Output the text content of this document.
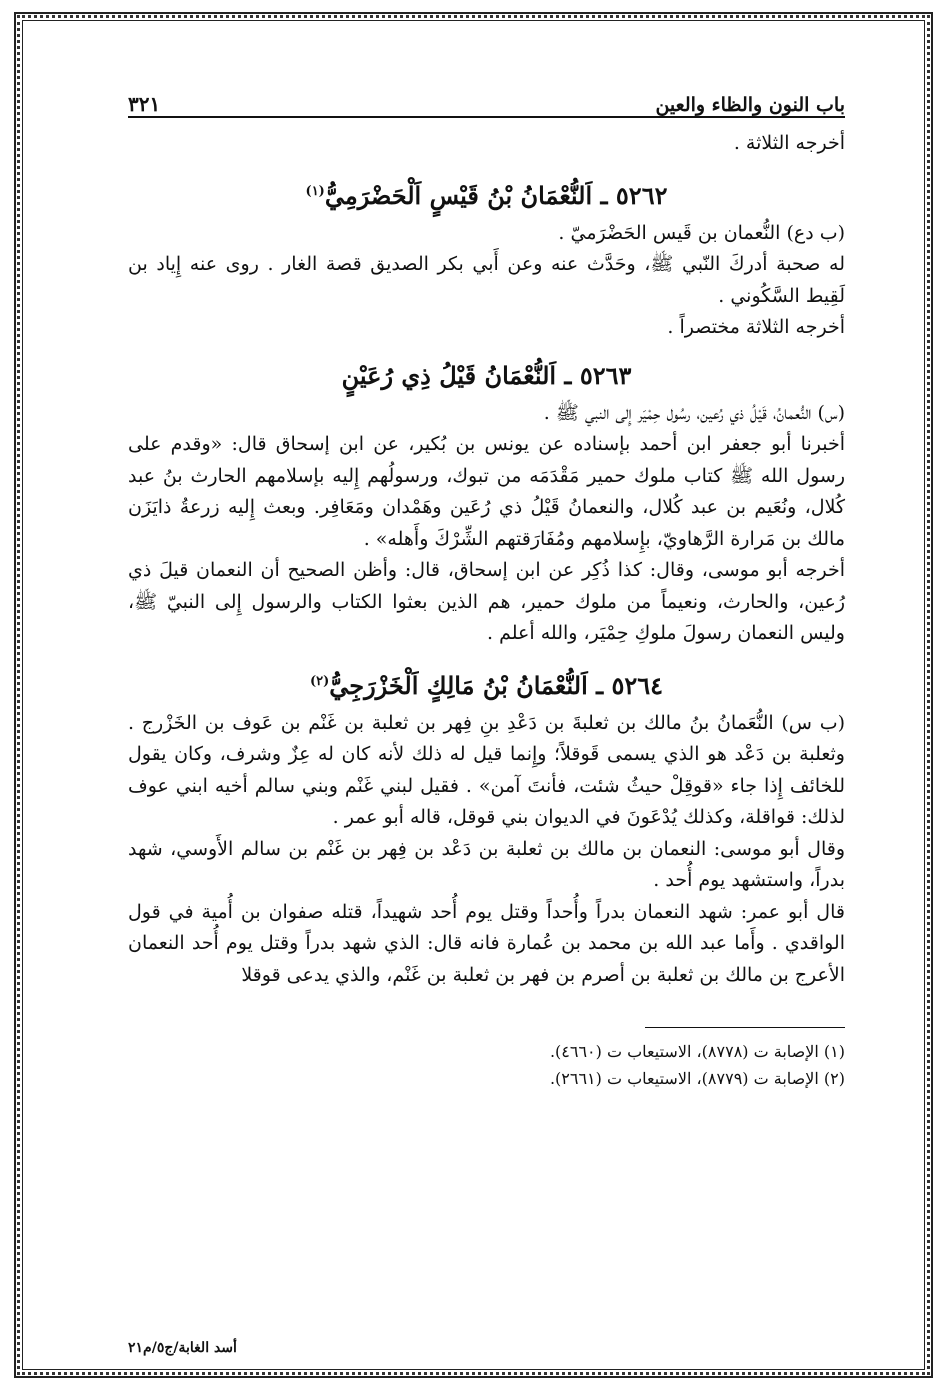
باب النون والظاء والعين
٣٢١

أخرجه الثلاثة .

٥٢٦٢ ـ اَلنُّعْمَانُ بْنُ قَيْسٍ اَلْحَضْرَمِيُّ$^{(١)}$

(ب دع) النُّعمان بن قَيس الحَضْرَميّ .

له صحبة أدركَ النّبي ﷺ، وحَدَّث عنه وعن أَبي بكر الصديق قصة الغار . روى عنه إِياد بن لَقِيط السَّكُوني .

أخرجه الثلاثة مختصراً .

٥٢٦٣ ـ اَلنُّعْمَانُ قَيْلُ ذِي رُعَيْنٍ

(س) النُّعمانُ، قَيْلُ ذي رُعين، رسُول حِمْيَر إِلى النبي ﷺ .

أخبرنا أبو جعفر ابن أحمد بإسناده عن يونس بن بُكير، عن ابن إسحاق قال: «وقدم على رسول الله ﷺ كتاب ملوك حمير مَقْدَمَه من تبوك، ورسولُهم إِليه بإسلامهم الحارث بنُ عبد كُلال، ونُعَيم بن عبد كُلال، والنعمانُ قَيْلُ ذي رُعَين وهَمْدان ومَعَافِر. وبعث إِليه زرعةُ ذايَزَن مالك بن مَرارة الرَّهاويّ، بإِسلامهم ومُفَارَقتهم الشِّرْكَ وأَهله» .

أخرجه أبو موسى، وقال: كذا ذُكِر عن ابن إسحاق، قال: وأظن الصحيح أن النعمان قيلَ ذي رُعين، والحارث، ونعيماً من ملوك حمير، هم الذين بعثوا الكتاب والرسول إِلى النبيّ ﷺ، وليس النعمان رسولَ ملوكِ حِمْيَر، والله أعلم .

٥٢٦٤ ـ اَلنُّعْمَانُ بْنُ مَالِكٍ اَلْخَزْرَجِيُّ$^{(٢)}$

(ب س) النُّعَمانُ بنُ مالك بن ثعلبةَ بن دَعْدِ بنِ فِهر بن ثعلبة بن غَنْم بن عَوف بن الخَزْرج . وثعلبة بن دَعْد هو الذي يسمى قَوقلاً؛ وإِنما قيل له ذلك لأنه كان له عِزٌ وشرف، وكان يقول للخائف إِذا جاء «قوقِلْ حيثُ شئت، فأنتَ آمن» . فقيل لبني غَنْم وبني سالم أخيه ابني عوف لذلك: قواقلة، وكذلك يُدْعَونَ في الديوان بني قوقل، قاله أبو عمر .

وقال أبو موسى: النعمان بن مالك بن ثعلبة بن دَعْد بن فِهر بن غَنْم بن سالم الأَوسي، شهد بدراً، واستشهد يوم أُحد .

قال أبو عمر: شهد النعمان بدراً وأُحداً وقتل يوم أُحد شهيداً، قتله صفوان بن أُمية في قول الواقدي . وأَما عبد الله بن محمد بن عُمارة فانه قال: الذي شهد بدراً وقتل يوم أُحد النعمان الأعرج بن مالك بن ثعلبة بن أصرم بن فهر بن ثعلبة بن غَنْم، والذي يدعى قوقلا

(١) الإصابة ت (٨٧٧٨)، الاستيعاب ت (٤٦٦٠).

(٢) الإصابة ت (٨٧٧٩)، الاستيعاب ت (٢٦٦١).

أسد الغابة/ج٥/م٢١
